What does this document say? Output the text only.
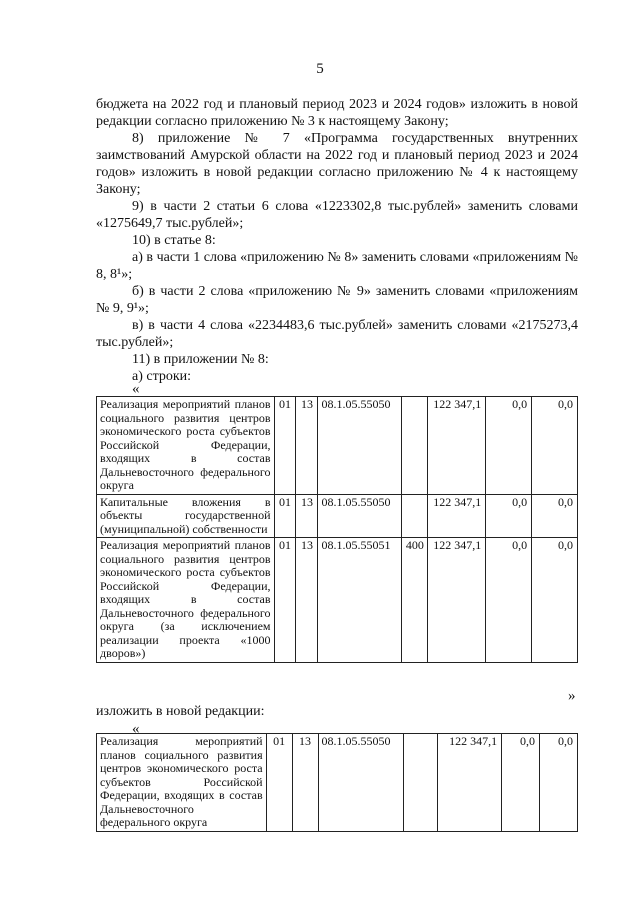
5

бюджета на 2022 год и плановый период 2023 и 2024 годов» изложить в новой редакции согласно приложению № 3 к настоящему Закону;

8) приложение № 7 «Программа государственных внутренних заимствований Амурской области на 2022 год и плановый период 2023 и 2024 годов» изложить в новой редакции согласно приложению № 4 к настоящему Закону;

9) в части 2 статьи 6 слова «1223302,8 тыс.рублей» заменить словами «1275649,7 тыс.рублей»;

10) в статье 8:

а) в части 1 слова «приложению № 8» заменить словами «приложениям № 8, 8¹»;

б) в части 2 слова «приложению № 9» заменить словами «приложениям № 9, 9¹»;

в) в части 4 слова «2234483,6 тыс.рублей» заменить словами «2175273,4 тыс.рублей»;

11) в приложении № 8:

а) строки:

«
Реализация мероприятий планов социального развития центров экономического роста субъектов Российской Федерации, входящих в состав Дальневосточного федерального округа	01	13	08.1.05.55050		122 347,1	0,0	0,0
Капитальные вложения в объекты государственной (муниципальной) собственности	01	13	08.1.05.55050		122 347,1	0,0	0,0
Реализация мероприятий планов социального развития центров экономического роста субъектов Российской Федерации, входящих в состав Дальневосточного федерального округа (за исключением реализации проекта «1000 дворов»)	01	13	08.1.05.55051	400	122 347,1	0,0	0,0
»
изложить в новой редакции:
«
Реализация мероприятий планов социального развития центров экономического роста субъектов Российской Федерации, входящих в состав Дальневосточного федерального округа	01	13	08.1.05.55050		122 347,1	0,0	0,0
